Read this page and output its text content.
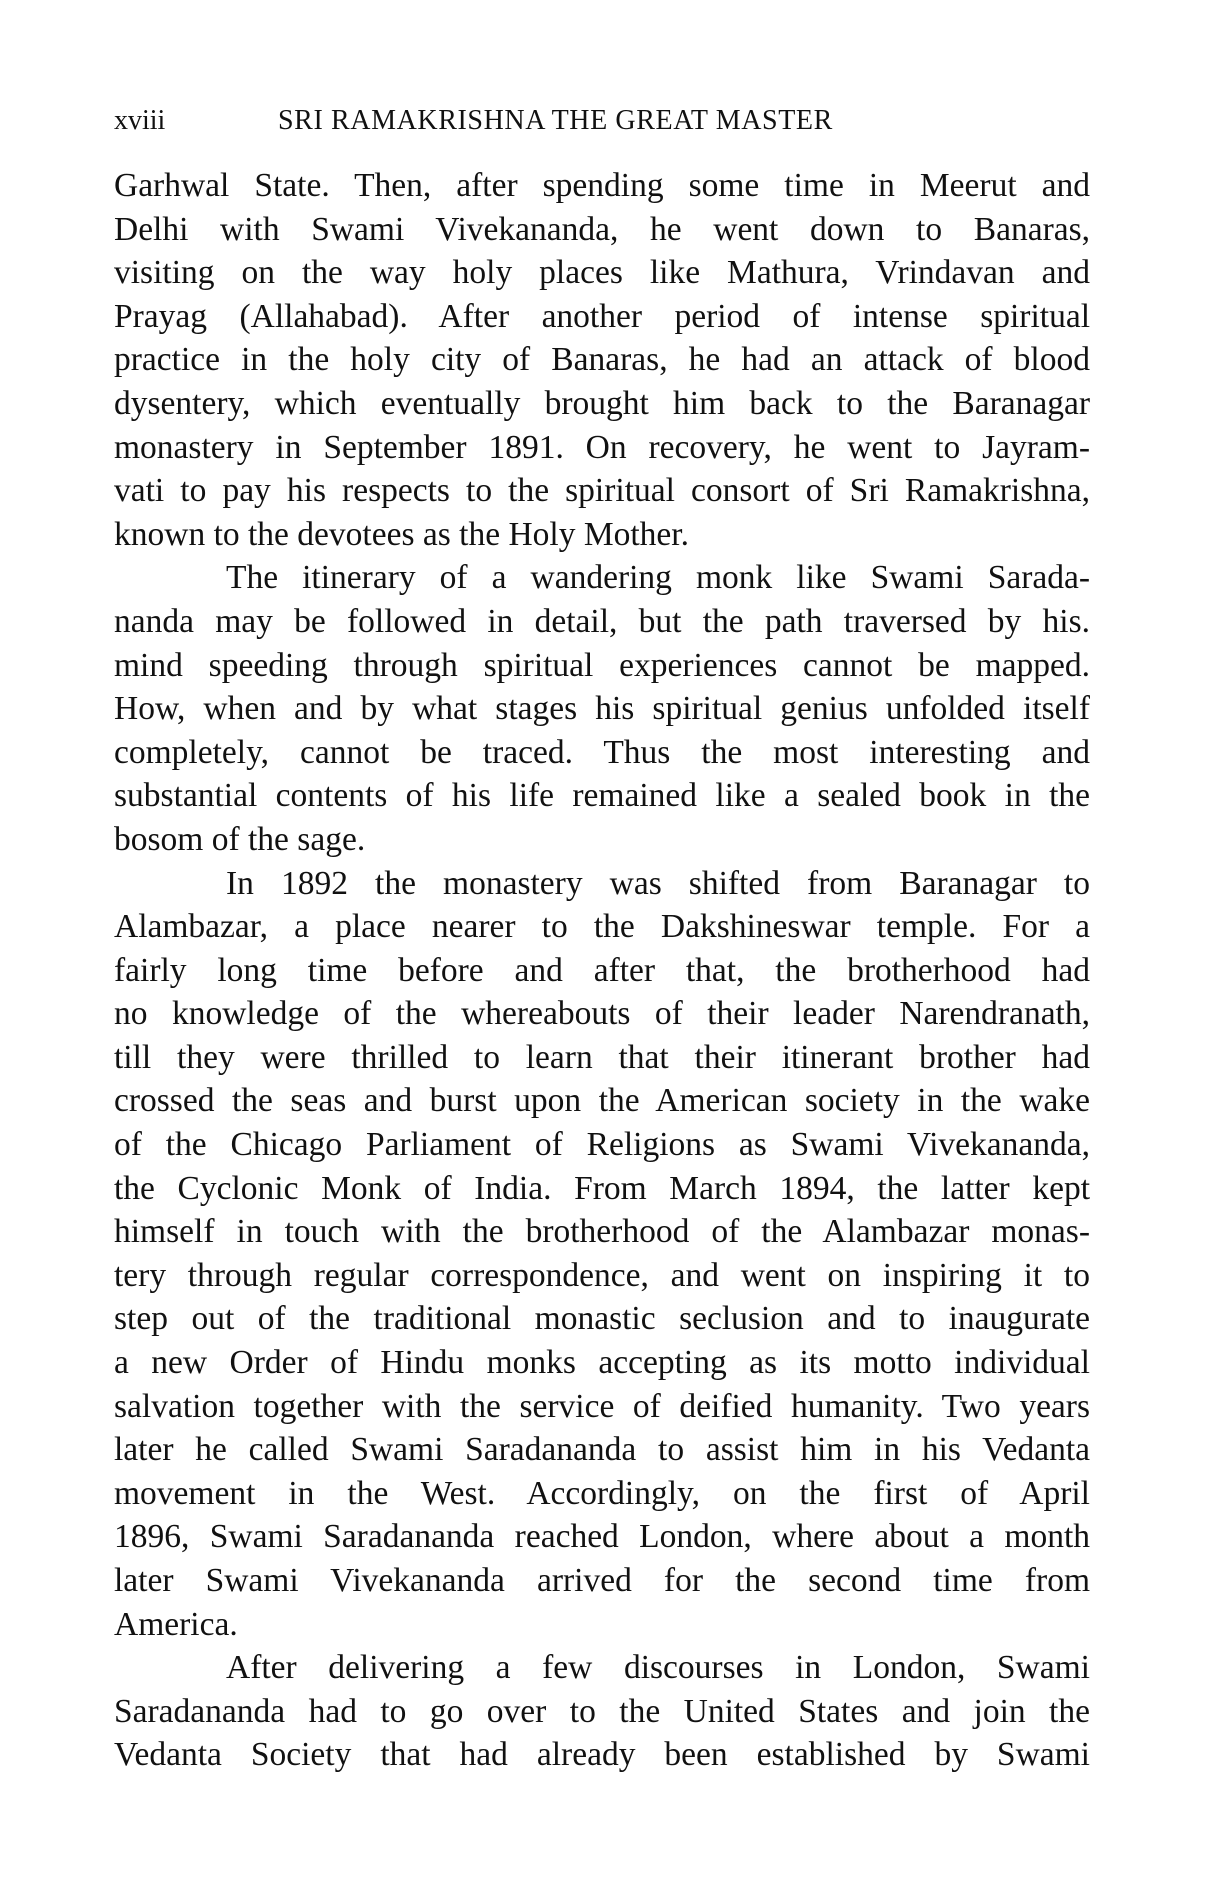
xviii	SRI RAMAKRISHNA THE GREAT MASTER
Garhwal State. Then, after spending some time in Meerut and
Delhi with Swami Vivekananda, he went down to Banaras,
visiting on the way holy places like Mathura, Vrindavan and
Prayag (Allahabad). After another period of intense spiritual
practice in the holy city of Banaras, he had an attack of blood
dysentery, which eventually brought him back to the Baranagar
monastery in September 1891. On recovery, he went to Jayram-
vati to pay his respects to the spiritual consort of Sri Ramakrishna,
known to the devotees as the Holy Mother.
The itinerary of a wandering monk like Swami Sarada-
nanda may be followed in detail, but the path traversed by his.
mind speeding through spiritual experiences cannot be mapped.
How, when and by what stages his spiritual genius unfolded itself
completely, cannot be traced. Thus the most interesting and
substantial contents of his life remained like a sealed book in the
bosom of the sage.
In 1892 the monastery was shifted from Baranagar to
Alambazar, a place nearer to the Dakshineswar temple. For a
fairly long time before and after that, the brotherhood had
no knowledge of the whereabouts of their leader Narendranath,
till they were thrilled to learn that their itinerant brother had
crossed the seas and burst upon the American society in the wake
of the Chicago Parliament of Religions as Swami Vivekananda,
the Cyclonic Monk of India. From March 1894, the latter kept
himself in touch with the brotherhood of the Alambazar monas-
tery through regular correspondence, and went on inspiring it to
step out of the traditional monastic seclusion and to inaugurate
a new Order of Hindu monks accepting as its motto individual
salvation together with the service of deified humanity. Two years
later he called Swami Saradananda to assist him in his Vedanta
movement in the West. Accordingly, on the first of April
1896, Swami Saradananda reached London, where about a month
later Swami Vivekananda arrived for the second time from
America.
After delivering a few discourses in London, Swami
Saradananda had to go over to the United States and join the
Vedanta Society that had already been established by Swami
